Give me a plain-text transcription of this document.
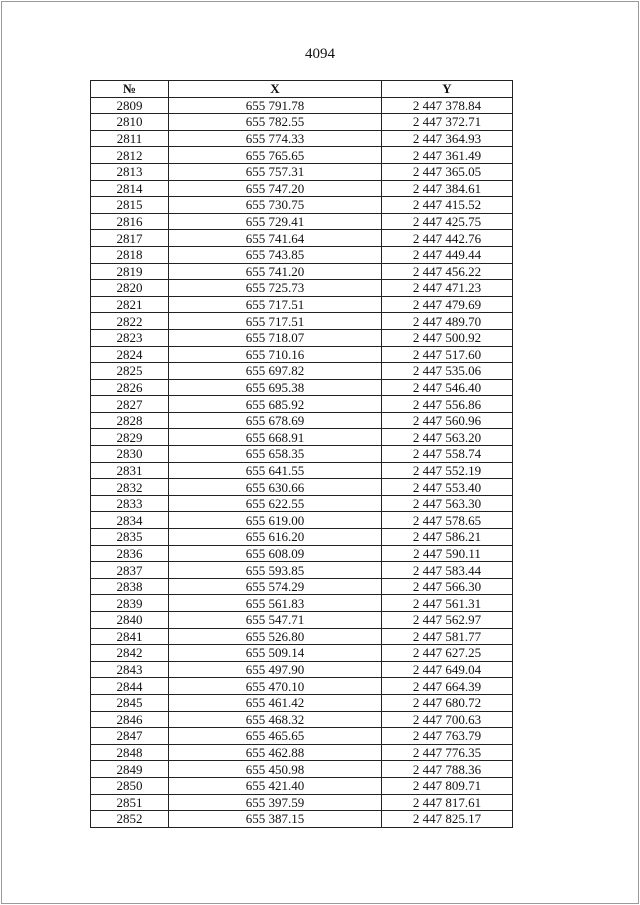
4094
№	X	Y
2809	655 791.78	2 447 378.84
2810	655 782.55	2 447 372.71
2811	655 774.33	2 447 364.93
2812	655 765.65	2 447 361.49
2813	655 757.31	2 447 365.05
2814	655 747.20	2 447 384.61
2815	655 730.75	2 447 415.52
2816	655 729.41	2 447 425.75
2817	655 741.64	2 447 442.76
2818	655 743.85	2 447 449.44
2819	655 741.20	2 447 456.22
2820	655 725.73	2 447 471.23
2821	655 717.51	2 447 479.69
2822	655 717.51	2 447 489.70
2823	655 718.07	2 447 500.92
2824	655 710.16	2 447 517.60
2825	655 697.82	2 447 535.06
2826	655 695.38	2 447 546.40
2827	655 685.92	2 447 556.86
2828	655 678.69	2 447 560.96
2829	655 668.91	2 447 563.20
2830	655 658.35	2 447 558.74
2831	655 641.55	2 447 552.19
2832	655 630.66	2 447 553.40
2833	655 622.55	2 447 563.30
2834	655 619.00	2 447 578.65
2835	655 616.20	2 447 586.21
2836	655 608.09	2 447 590.11
2837	655 593.85	2 447 583.44
2838	655 574.29	2 447 566.30
2839	655 561.83	2 447 561.31
2840	655 547.71	2 447 562.97
2841	655 526.80	2 447 581.77
2842	655 509.14	2 447 627.25
2843	655 497.90	2 447 649.04
2844	655 470.10	2 447 664.39
2845	655 461.42	2 447 680.72
2846	655 468.32	2 447 700.63
2847	655 465.65	2 447 763.79
2848	655 462.88	2 447 776.35
2849	655 450.98	2 447 788.36
2850	655 421.40	2 447 809.71
2851	655 397.59	2 447 817.61
2852	655 387.15	2 447 825.17
